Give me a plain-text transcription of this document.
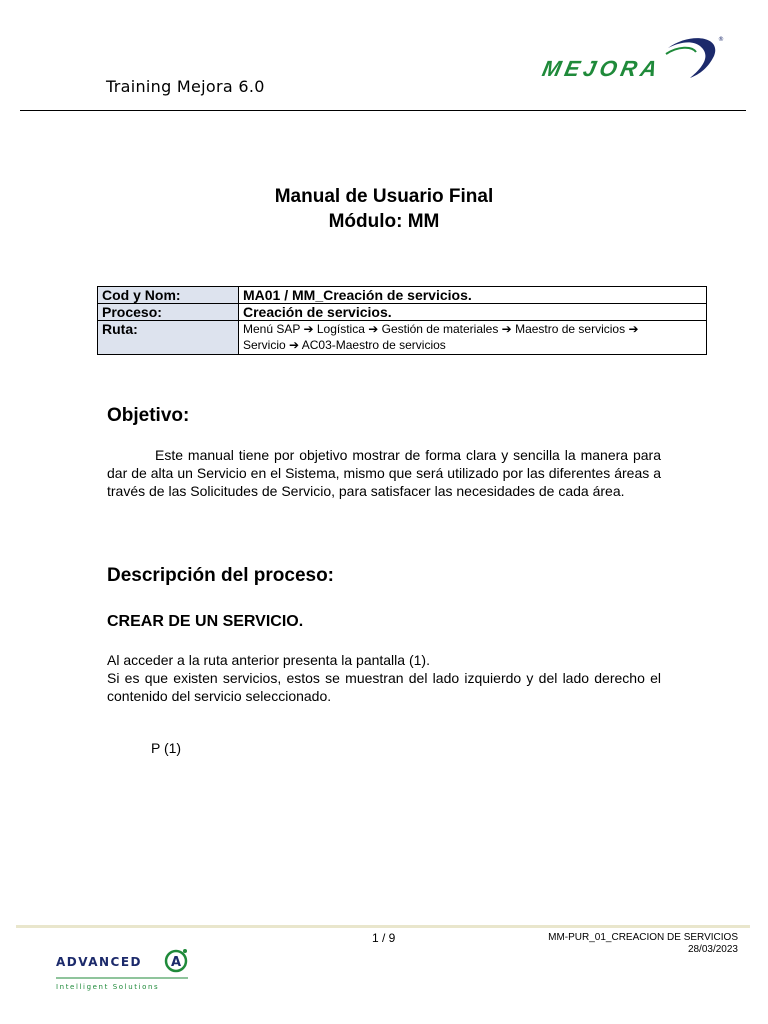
Training Mejora 6.0
MEJORA
®
Manual de Usuario Final
Módulo: MM
Cod y Nom:	MA01 / MM_Creación de servicios.
Proceso:	Creación de servicios.
Ruta:	Menú SAP ➔ Logística ➔ Gestión de materiales ➔ Maestro de servicios ➔
Servicio ➔ AC03-Maestro de servicios
Objetivo:
Este manual tiene por objetivo mostrar de forma clara y sencilla la manera para dar de alta un Servicio en el Sistema, mismo que será utilizado por las diferentes áreas a través de las Solicitudes de Servicio, para satisfacer las necesidades de cada área.
Descripción del proceso:
CREAR DE UN SERVICIO.
Al acceder a la ruta anterior presenta la pantalla (1).
Si es que existen servicios, estos se muestran del lado izquierdo y del lado derecho el contenido del servicio seleccionado.
P (1)
1 / 9	MM-PUR_01_CREACION DE SERVICIOS
28/03/2023
ADVANCED A
Intelligent Solutions
